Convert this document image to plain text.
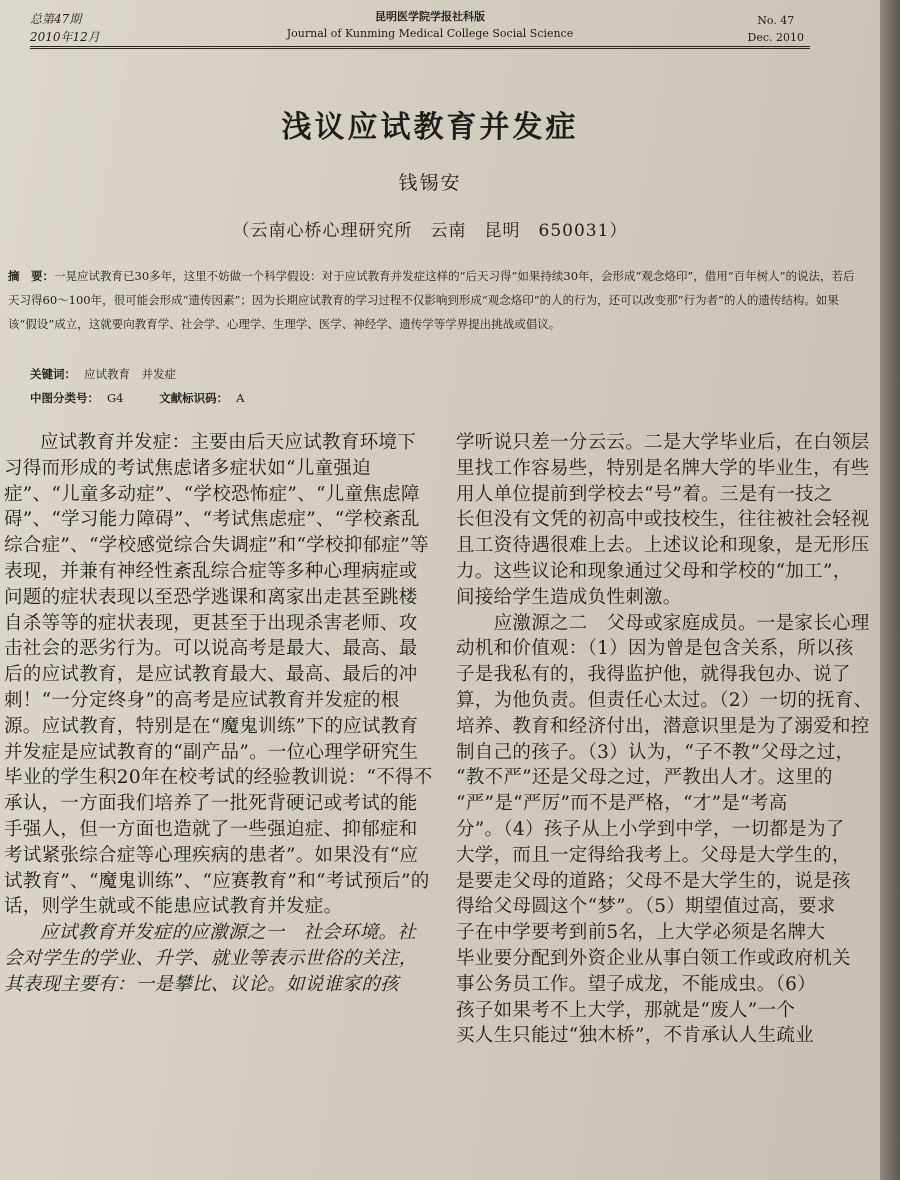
总第47期
2010年12月
昆明医学院学报社科版
Journal of Kunming Medical College Social Science
No. 47
Dec. 2010
浅议应试教育并发症
钱锡安
（云南心桥心理研究所　云南　昆明　650031）
摘　要：一晃应试教育已30多年，这里不妨做一个科学假设：对于应试教育并发症这样的“后天习得”如果持续30年，会形成“观念烙印”，借用“百年树人”的说法，若后天习得60～100年，很可能会形成“遗传因素”；因为长期应试教育的学习过程不仅影响到形成“观念烙印”的人的行为，还可以改变那“行为者”的人的遗传结构。如果该“假设”成立，这就要向教育学、社会学、心理学、生理学、医学、神经学、遗传学等学界提出挑战或倡议。
关键词： 应试教育　并发症
中图分类号： G4	文献标识码： A

应试教育并发症：主要由后天应试教育环境下习得而形成的考试焦虑诸多症状如“儿童强迫症”、“儿童多动症”、“学校恐怖症”、“儿童焦虑障碍”、“学习能力障碍”、“考试焦虑症”、“学校紊乱综合症”、“学校感觉综合失调症”和“学校抑郁症”等表现，并兼有神经性紊乱综合症等多种心理病症或问题的症状表现以至恐学逃课和离家出走甚至跳楼自杀等等的症状表现，更甚至于出现杀害老师、攻击社会的恶劣行为。可以说高考是最大、最高、最后的应试教育，是应试教育最大、最高、最后的冲刺！“一分定终身”的高考是应试教育并发症的根源。应试教育，特别是在“魔鬼训练”下的应试教育并发症是应试教育的“副产品”。一位心理学研究生毕业的学生积20年在校考试的经验教训说：“不得不承认，一方面我们培养了一批死背硬记或考试的能手强人，但一方面也造就了一些强迫症、抑郁症和考试紧张综合症等心理疾病的患者”。如果没有“应试教育”、“魔鬼训练”、“应赛教育”和“考试预后”的话，则学生就或不能患应试教育并发症。

应试教育并发症的应激源之一　社会环境。社会对学生的学业、升学、就业等表示世俗的关注，其表现主要有：一是攀比、议论。如说谁家的孩

学听说只差一分云云。二是大学毕业后，在白领层
里找工作容易些，特别是名牌大学的毕业生，有些
用人单位提前到学校去“号”着。三是有一技之
长但没有文凭的初高中或技校生，往往被社会轻视
且工资待遇很难上去。上述议论和现象，是无形压
力。这些议论和现象通过父母和学校的“加工”，
间接给学生造成负性刺激。
　　应激源之二　父母或家庭成员。一是家长心理
动机和价值观：（1）因为曾是包含关系，所以孩
子是我私有的，我得监护他，就得我包办、说了
算，为他负责。但责任心太过。（2）一切的抚育、
培养、教育和经济付出，潜意识里是为了溺爱和控
制自己的孩子。（3）认为，“子不教”父母之过，
“教不严”还是父母之过，严教出人才。这里的
“严”是“严厉”而不是严格，“才”是“考高
分”。（4）孩子从上小学到中学，一切都是为了
大学，而且一定得给我考上。父母是大学生的，
是要走父母的道路；父母不是大学生的，说是孩
得给父母圆这个“梦”。（5）期望值过高，要求
子在中学要考到前5名，上大学必须是名牌大
毕业要分配到外资企业从事白领工作或政府机关
事公务员工作。望子成龙，不能成虫。（6）
孩子如果考不上大学，那就是“废人”一个
买人生只能过“独木桥”，不肯承认人生疏业
